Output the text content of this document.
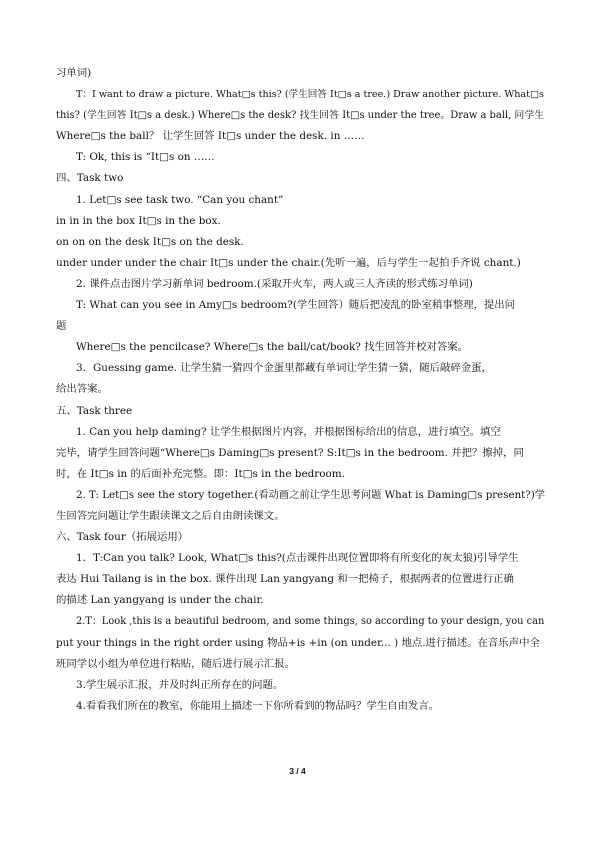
习单词)
T：I want to draw a picture. What□s this? (学生回答 It□s a tree.) Draw another picture. What□s
this? (学生回答 It□s a desk.) Where□s the desk? 找生回答 It□s under the tree。Draw a ball, 问学生
Where□s the ball？ 让学生回答 It□s under the desk. in ……
T: Ok, this is “It□s on ……
四、Task two
1. Let□s see task two. “Can you chant”
in in in the box It□s in the box.
on on on the desk It□s on the desk.
under under under the chair It□s under the chair.(先听一遍，后与学生一起拍手齐说 chant.)
2. 课件点击图片学习新单词 bedroom.(采取开火车，两人或三人齐读的形式练习单词)
T: What can you see in Amy□s bedroom?(学生回答）随后把凌乱的卧室稍事整理，提出问
题
Where□s the pencilcase? Where□s the ball/cat/book? 找生回答并校对答案。
3．Guessing game. 让学生猜一猜四个金蛋里都藏有单词让学生猜一猜，随后敲碎金蛋，
给出答案。
五、Task three
1. Can you help daming? 让学生根据图片内容，并根据图标给出的信息，进行填空。填空
完毕，请学生回答问题“Where□s Daming□s present? S:It□s in the bedroom. 并把？擦掉，同
时，在 It□s in 的后面补充完整。即：It□s in the bedroom.
2. T: Let□s see the story together.(看动画之前让学生思考问题 What is Daming□s present?)学
生回答完问题让学生跟读课文之后自由朗读课文。
六、Task four（拓展运用）
1．T:Can you talk? Look, What□s this?(点击课件出现位置即将有所变化的灰太狼)引导学生
表达 Hui Tailang is in the box. 课件出现 Lan yangyang 和一把椅子，根据两者的位置进行正确
的描述 Lan yangyang is under the chair.
2.T：Look ,this is a beautiful bedroom, and some things, so according to your design, you can
put your things in the right order using 物品+is +in (on under... ) 地点.进行描述。在音乐声中全
班同学以小组为单位进行粘贴，随后进行展示汇报。
3.学生展示汇报，并及时纠正所存在的问题。
4.看看我们所在的教室，你能用上描述一下你所看到的物品吗？学生自由发言。
3 / 4
